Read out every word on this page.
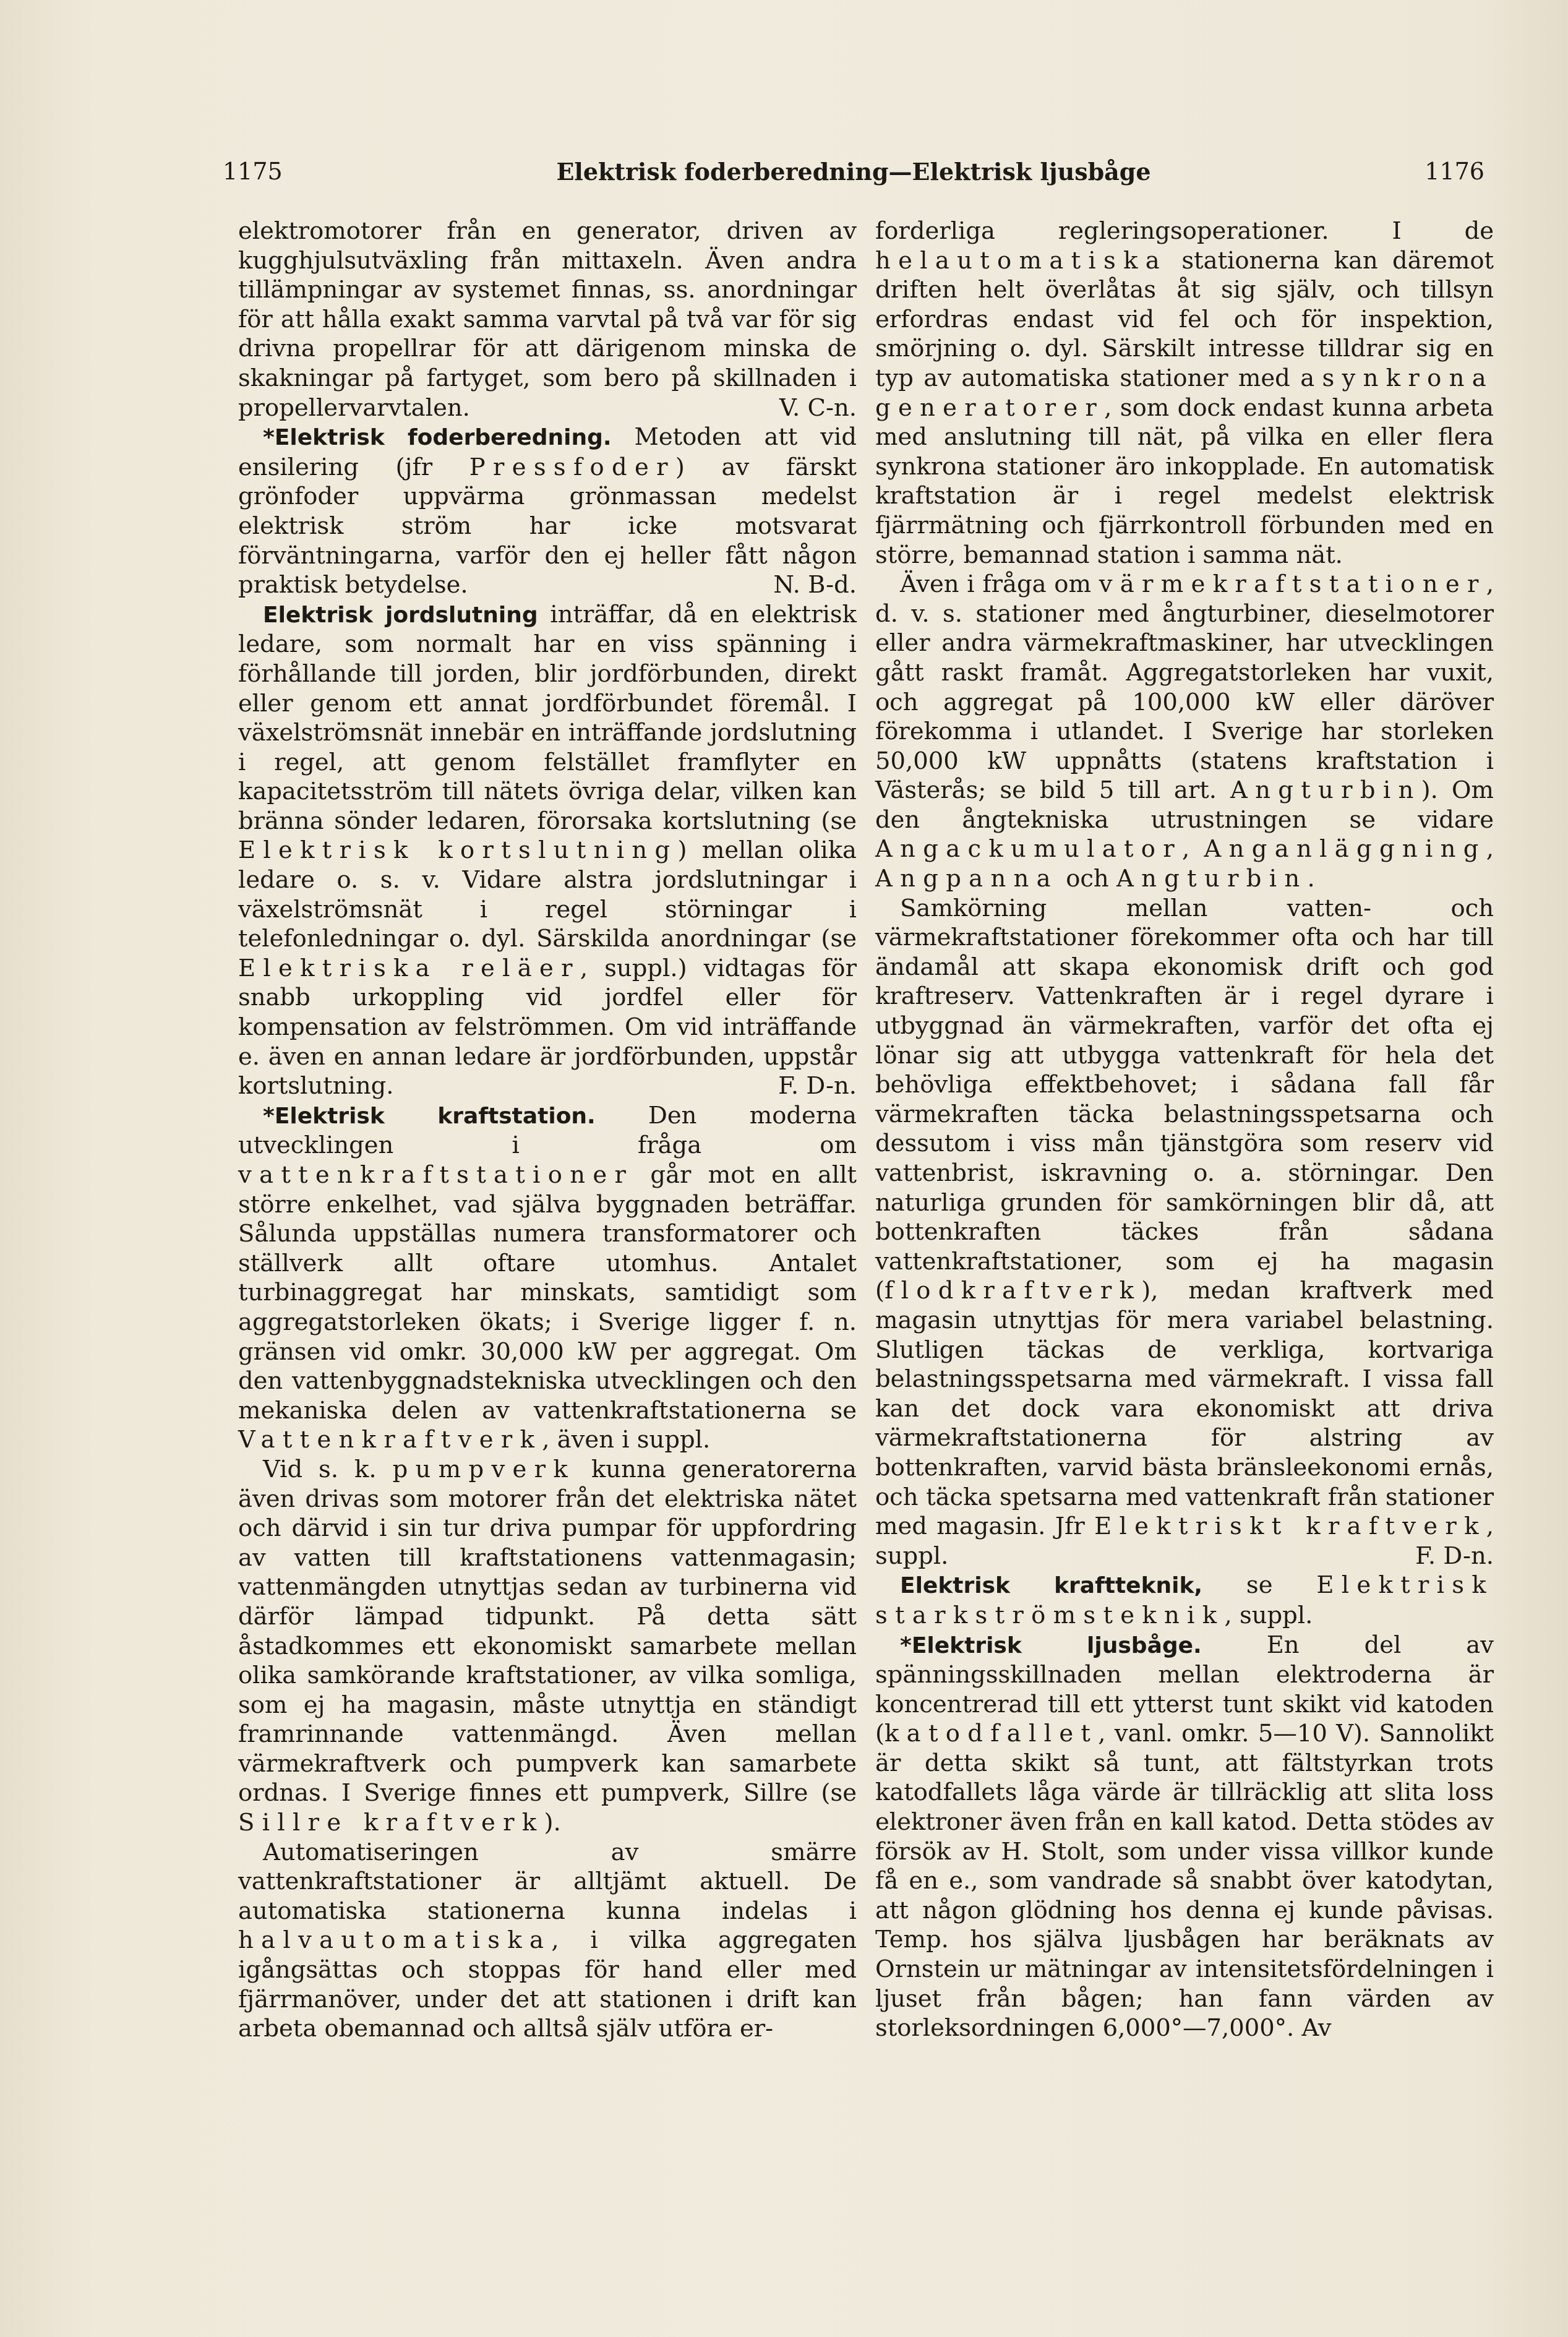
1175	Elektrisk foderberedning—Elektrisk ljusbåge	1176

elektromotorer från en generator, driven av kugghjulsutväxling från mittaxeln. Även andra tillämpningar av systemet finnas, ss. anordningar för att hålla exakt samma varvtal på två var för sig drivna propellrar för att därigenom minska de skakningar på fartyget, som bero på skillnaden i propellervarvtalen.	V. C-n.

*Elektrisk foderberedning. Metoden att vid ensilering (jfr Pressfoder) av färskt grönfoder uppvärma grönmassan medelst elektrisk ström har icke motsvarat förväntningarna, varför den ej heller fått någon praktisk betydelse.	N. B-d.

Elektrisk jordslutning inträffar, då en elektrisk ledare, som normalt har en viss spänning i förhållande till jorden, blir jordförbunden, direkt eller genom ett annat jordförbundet föremål. I växelströmsnät innebär en inträffande jordslutning i regel, att genom felstället framflyter en kapacitetsström till nätets övriga delar, vilken kan bränna sönder ledaren, förorsaka kortslutning (se Elektrisk kortslutning) mellan olika ledare o. s. v. Vidare alstra jordslutningar i växelströmsnät i regel störningar i telefonledningar o. dyl. Särskilda anordningar (se Elektriska reläer, suppl.) vidtagas för snabb urkoppling vid jordfel eller för kompensation av felströmmen. Om vid inträffande e. även en annan ledare är jordförbunden, uppstår kortslutning.	F. D-n.

*Elektrisk kraftstation. Den moderna utvecklingen i fråga om vattenkraftstationer går mot en allt större enkelhet, vad själva byggnaden beträffar. Sålunda uppställas numera transformatorer och ställverk allt oftare utomhus. Antalet turbinaggregat har minskats, samtidigt som aggregatstorleken ökats; i Sverige ligger f. n. gränsen vid omkr. 30,000 kW per aggregat. Om den vattenbyggnadstekniska utvecklingen och den mekaniska delen av vattenkraftstationerna se Vattenkraftverk, även i suppl.

Vid s. k. pumpverk kunna generatorerna även drivas som motorer från det elektriska nätet och därvid i sin tur driva pumpar för uppfordring av vatten till kraftstationens vattenmagasin; vattenmängden utnyttjas sedan av turbinerna vid därför lämpad tidpunkt. På detta sätt åstadkommes ett ekonomiskt samarbete mellan olika samkörande kraftstationer, av vilka somliga, som ej ha magasin, måste utnyttja en ständigt framrinnande vattenmängd. Även mellan värmekraftverk och pumpverk kan samarbete ordnas. I Sverige finnes ett pumpverk, Sillre (se Sillre kraftverk).

Automatiseringen av smärre vattenkraftstationer är alltjämt aktuell. De automatiska stationerna kunna indelas i halvautomatiska, i vilka aggregaten igångsättas och stoppas för hand eller med fjärrmanöver, under det att stationen i drift kan arbeta obemannad och alltså själv utföra er-

forderliga regleringsoperationer. I de helautomatiska stationerna kan däremot driften helt överlåtas åt sig själv, och tillsyn erfordras endast vid fel och för inspektion, smörjning o. dyl. Särskilt intresse tilldrar sig en typ av automatiska stationer med asynkrona generatorer, som dock endast kunna arbeta med anslutning till nät, på vilka en eller flera synkrona stationer äro inkopplade. En automatisk kraftstation är i regel medelst elektrisk fjärrmätning och fjärrkontroll förbunden med en större, bemannad station i samma nät.

Även i fråga om värmekraftstationer, d. v. s. stationer med ångturbiner, dieselmotorer eller andra värmekraftmaskiner, har utvecklingen gått raskt framåt. Aggregatstorleken har vuxit, och aggregat på 100,000 kW eller däröver förekomma i utlandet. I Sverige har storleken 50,000 kW uppnåtts (statens kraftstation i Västerås; se bild 5 till art. Angturbin). Om den ångtekniska utrustningen se vidare Angackumulator, Anganläggning, Angpanna och Angturbin.

Samkörning mellan vatten- och värmekraftstationer förekommer ofta och har till ändamål att skapa ekonomisk drift och god kraftreserv. Vattenkraften är i regel dyrare i utbyggnad än värmekraften, varför det ofta ej lönar sig att utbygga vattenkraft för hela det behövliga effektbehovet; i sådana fall får värmekraften täcka belastningsspetsarna och dessutom i viss mån tjänstgöra som reserv vid vattenbrist, iskravning o. a. störningar. Den naturliga grunden för samkörningen blir då, att bottenkraften täckes från sådana vattenkraftstationer, som ej ha magasin (flodkraftverk), medan kraftverk med magasin utnyttjas för mera variabel belastning. Slutligen täckas de verkliga, kortvariga belastningsspetsarna med värmekraft. I vissa fall kan det dock vara ekonomiskt att driva värmekraftstationerna för alstring av bottenkraften, varvid bästa bränsleekonomi ernås, och täcka spetsarna med vattenkraft från stationer med magasin. Jfr Elektriskt kraftverk, suppl.	F. D-n.

Elektrisk kraftteknik, se Elektrisk starkströmsteknik, suppl.

*Elektrisk ljusbåge. En del av spänningsskillnaden mellan elektroderna är koncentrerad till ett ytterst tunt skikt vid katoden (katodfallet, vanl. omkr. 5—10 V). Sannolikt är detta skikt så tunt, att fältstyrkan trots katodfallets låga värde är tillräcklig att slita loss elektroner även från en kall katod. Detta stödes av försök av H. Stolt, som under vissa villkor kunde få en e., som vandrade så snabbt över katodytan, att någon glödning hos denna ej kunde påvisas. Temp. hos själva ljusbågen har beräknats av Ornstein ur mätningar av intensitetsfördelningen i ljuset från bågen; han fann värden av storleksordningen 6,000°—7,000°. Av
